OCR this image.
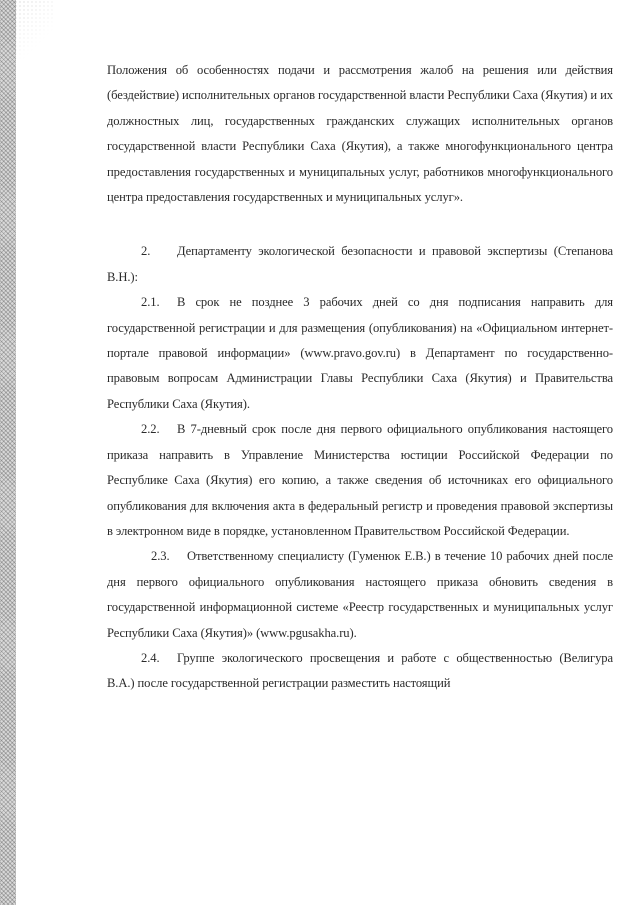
Положения об особенностях подачи и рассмотрения жалоб на решения или действия (бездействие) исполнительных органов государственной власти Республики Саха (Якутия) и их должностных лиц, государственных гражданских служащих исполнительных органов государственной власти Республики Саха (Якутия), а также многофункционального центра предоставления государственных и муниципальных услуг, работников многофункционального центра предоставления государственных и муниципальных услуг».

2. Департаменту экологической безопасности и правовой экспертизы (Степанова В.Н.):

2.1. В срок не позднее 3 рабочих дней со дня подписания направить для государственной регистрации и для размещения (опубликования) на «Официальном интернет-портале правовой информации» (www.pravo.gov.ru) в Департамент по государственно-правовым вопросам Администрации Главы Республики Саха (Якутия) и Правительства Республики Саха (Якутия).

2.2. В 7-дневный срок после дня первого официального опубликования настоящего приказа направить в Управление Министерства юстиции Российской Федерации по Республике Саха (Якутия) его копию, а также сведения об источниках его официального опубликования для включения акта в федеральный регистр и проведения правовой экспертизы в электронном виде в порядке, установленном Правительством Российской Федерации.

2.3. Ответственному специалисту (Гуменюк Е.В.) в течение 10 рабочих дней после дня первого официального опубликования настоящего приказа обновить сведения в государственной информационной системе «Реестр государственных и муниципальных услуг Республики Саха (Якутия)» (www.pgusakha.ru).

2.4. Группе экологического просвещения и работе с общественностью (Велигура В.А.) после государственной регистрации разместить настоящий
